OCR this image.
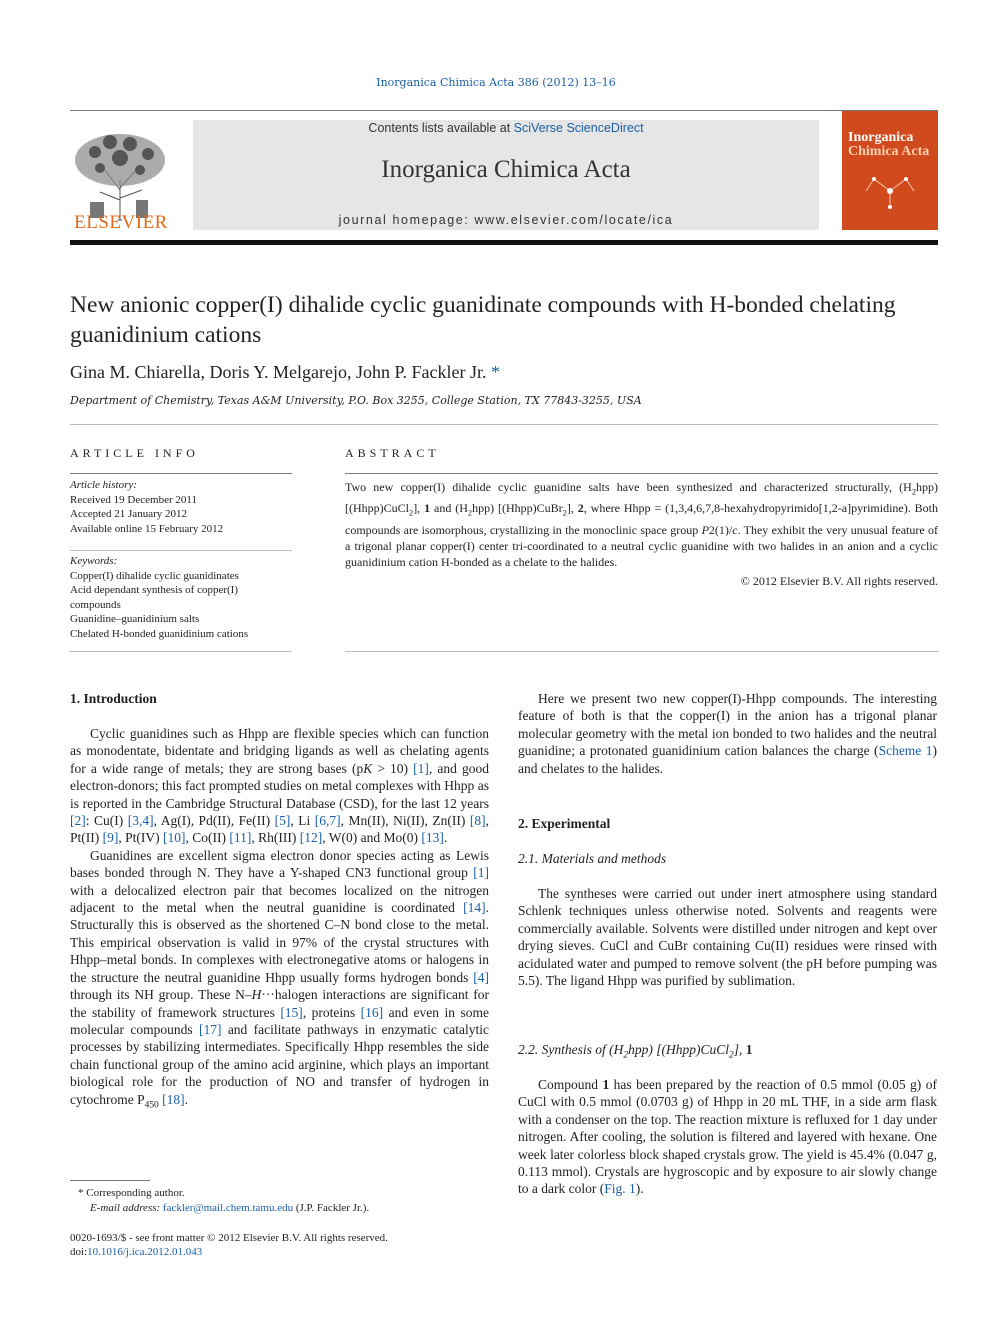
Inorganica Chimica Acta 386 (2012) 13–16
ELSEVIER
Contents lists available at SciVerse ScienceDirect
Inorganica Chimica Acta
journal homepage: www.elsevier.com/locate/ica
Inorganica
Chimica Acta
New anionic copper(I) dihalide cyclic guanidinate compounds with H-bonded chelating guanidinium cations
Gina M. Chiarella, Doris Y. Melgarejo, John P. Fackler Jr. *
Department of Chemistry, Texas A&M University, P.O. Box 3255, College Station, TX 77843-3255, USA
ARTICLE INFO
Article history:
Received 19 December 2011
Accepted 21 January 2012
Available online 15 February 2012
Keywords:
Copper(I) dihalide cyclic guanidinates
Acid dependant synthesis of copper(I)
compounds
Guanidine–guanidinium salts
Chelated H-bonded guanidinium cations
ABSTRACT
Two new copper(I) dihalide cyclic guanidine salts have been synthesized and characterized structurally, $(H_2hpp)$ [(Hhpp)CuCl$_2$], 1 and $(H_2hpp)$ [(Hhpp)CuBr$_2$], 2, where Hhpp = (1,3,4,6,7,8-hexahydropyrimido[1,2-a]pyrimidine). Both compounds are isomorphous, crystallizing in the monoclinic space group P2(1)/c. They exhibit the very unusual feature of a trigonal planar copper(I) center tri-coordinated to a neutral cyclic guanidine with two halides in an anion and a cyclic guanidinium cation H-bonded as a chelate to the halides.
© 2012 Elsevier B.V. All rights reserved.
1. Introduction

Cyclic guanidines such as Hhpp are flexible species which can function as monodentate, bidentate and bridging ligands as well as chelating agents for a wide range of metals; they are strong bases (pK > 10) [1], and good electron-donors; this fact prompted studies on metal complexes with Hhpp as is reported in the Cambridge Structural Database (CSD), for the last 12 years [2]: Cu(I) [3,4], Ag(I), Pd(II), Fe(II) [5], Li [6,7], Mn(II), Ni(II), Zn(II) [8], Pt(II) [9], Pt(IV) [10], Co(II) [11], Rh(III) [12], W(0) and Mo(0) [13].

Guanidines are excellent sigma electron donor species acting as Lewis bases bonded through N. They have a Y-shaped CN3 functional group [1] with a delocalized electron pair that becomes localized on the nitrogen adjacent to the metal when the neutral guanidine is coordinated [14]. Structurally this is observed as the shortened C–N bond close to the metal. This empirical observation is valid in 97% of the crystal structures with Hhpp–metal bonds. In complexes with electronegative atoms or halogens in the structure the neutral guanidine Hhpp usually forms hydrogen bonds [4] through its NH group. These N–H···halogen interactions are significant for the stability of framework structures [15], proteins [16] and even in some molecular compounds [17] and facilitate pathways in enzymatic catalytic processes by stabilizing intermediates. Specifically Hhpp resembles the side chain functional group of the amino acid arginine, which plays an important biological role for the production of NO and transfer of hydrogen in cytochrome $P_{450}$ [18].

* Corresponding author.
E-mail address: fackler@mail.chem.tamu.edu (J.P. Fackler Jr.).
0020-1693/$ - see front matter © 2012 Elsevier B.V. All rights reserved.
doi:10.1016/j.ica.2012.01.043

Here we present two new copper(I)-Hhpp compounds. The interesting feature of both is that the copper(I) in the anion has a trigonal planar molecular geometry with the metal ion bonded to two halides and the neutral guanidine; a protonated guanidinium cation balances the charge (Scheme 1) and chelates to the halides.

2. Experimental
2.1. Materials and methods

The syntheses were carried out under inert atmosphere using standard Schlenk techniques unless otherwise noted. Solvents and reagents were commercially available. Solvents were distilled under nitrogen and kept over drying sieves. CuCl and CuBr containing Cu(II) residues were rinsed with acidulated water and pumped to remove solvent (the pH before pumping was 5.5). The ligand Hhpp was purified by sublimation.

2.2. Synthesis of $(H_2hpp)$ [(Hhpp)CuCl$_2$], 1

Compound 1 has been prepared by the reaction of 0.5 mmol (0.05 g) of CuCl with 0.5 mmol (0.0703 g) of Hhpp in 20 mL THF, in a side arm flask with a condenser on the top. The reaction mixture is refluxed for 1 day under nitrogen. After cooling, the solution is filtered and layered with hexane. One week later colorless block shaped crystals grow. The yield is 45.4% (0.047 g, 0.113 mmol). Crystals are hygroscopic and by exposure to air slowly change to a dark color (Fig. 1).
